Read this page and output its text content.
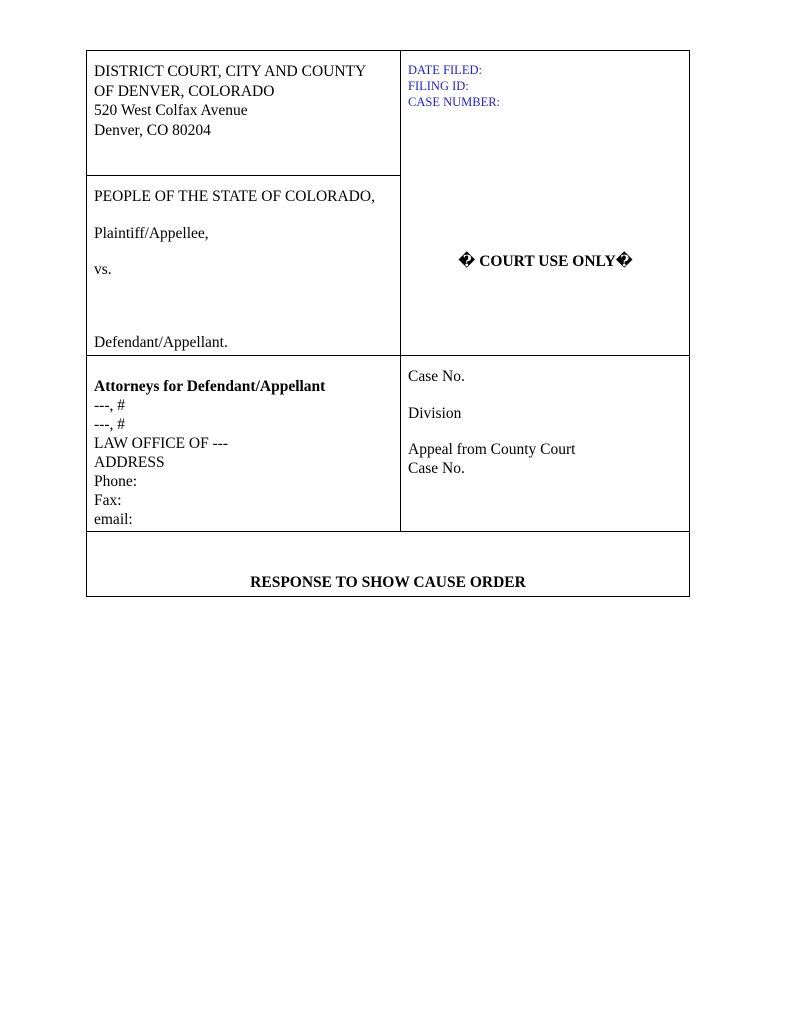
DISTRICT COURT, CITY AND COUNTY
OF DENVER, COLORADO
520 West Colfax Avenue
Denver, CO 80204
DATE FILED:
FILING ID:
CASE NUMBER:
PEOPLE OF THE STATE OF COLORADO,
Plaintiff/Appellee,
vs.
Defendant/Appellant.
� COURT USE ONLY�
Attorneys for Defendant/Appellant
---, #
---, #
LAW OFFICE OF ---
ADDRESS
Phone:
Fax:
email:
Case No.
Division
Appeal from County Court
Case No.
RESPONSE TO SHOW CAUSE ORDER
